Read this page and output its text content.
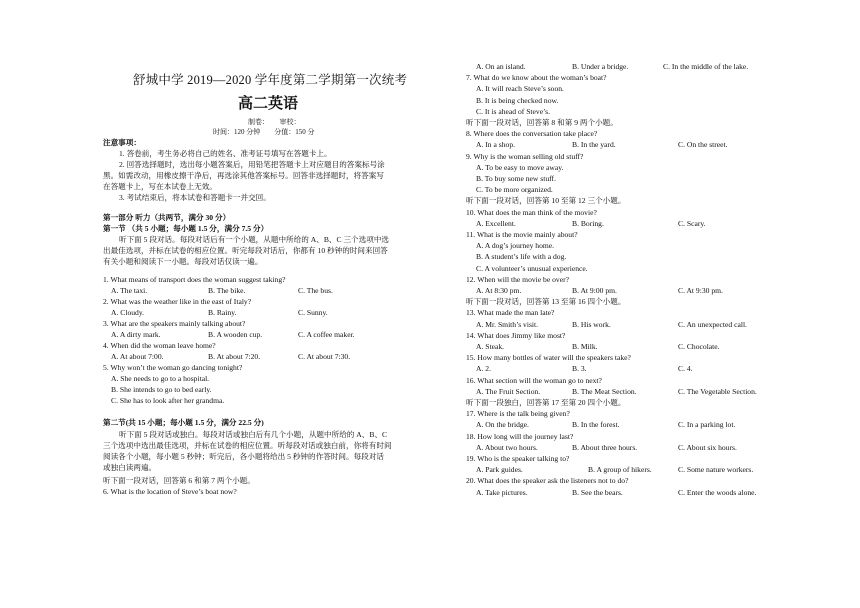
舒城中学 2019—2020 学年度第二学期第一次统考
高二英语
制卷：　　审校：
时间：120 分钟　　分值：150 分
注意事项：
1. 答卷前，考生务必将自己的姓名、准考证号填写在答题卡上。
2. 回答选择题时，选出每小题答案后，用铅笔把答题卡上对应题目的答案标号涂
黑。如需改动，用橡皮擦干净后，再选涂其他答案标号。回答非选择题时，将答案写
在答题卡上，写在本试卷上无效。
3. 考试结束后，将本试卷和答题卡一并交回。
第一部分 听力（共两节，满分 30 分）
第一节 （共 5 小题；每小题 1.5 分，满分 7.5 分）
听下面 5 段对话。每段对话后有一个小题，从题中所给的 A、B、C 三个选项中选
出最佳选项，并标在试卷的相应位置。听完每段对话后，你都有 10 秒钟的时间来回答
有关小题和阅读下一小题。每段对话仅读一遍。
1. What means of transport does the woman suggest taking?
A. The taxi.	B. The bike.	C. The bus.
2. What was the weather like in the east of Italy?
A. Cloudy.	B. Rainy.	C. Sunny.
3. What are the speakers mainly talking about?
A. A dirty mark.	B. A wooden cup.	C. A coffee maker.
4. When did the woman leave home?
A. At about 7:00.	B. At about 7:20.	C. At about 7:30.
5. Why won’t the woman go dancing tonight?
A. She needs to go to a hospital.
B. She intends to go to bed early.
C. She has to look after her grandma.
第二节(共 15 小题；每小题 1.5 分，满分 22.5 分)
听下面 5 段对话或独白。每段对话或独白后有几个小题，从题中所给的 A、B、C
三个选项中选出最佳选项，并标在试卷的相应位置。听每段对话或独白前，你将有时间
阅读各个小题，每小题 5 秒钟；听完后，各小题将给出 5 秒钟的作答时间。每段对话
或独白读两遍。
听下面一段对话，回答第 6 和第 7 两个小题。
6. What is the location of Steve’s boat now?
A. On an island.	B. Under a bridge.	C. In the middle of the lake.
7. What do we know about the woman’s boat?
A. It will reach Steve’s soon.
B. It is being checked now.
C. It is ahead of Steve’s.
听下面一段对话，回答第 8 和第 9 两个小题。
8. Where does the conversation take place?
A. In a shop.	B. In the yard.	C. On the street.
9. Why is the woman selling old stuff?
A. To be easy to move away.
B. To buy some new stuff.
C. To be more organized.
听下面一段对话，回答第 10 至第 12 三个小题。
10. What does the man think of the movie?
A. Excellent.	B. Boring.	C. Scary.
11. What is the movie mainly about?
A. A dog’s journey home.
B. A student’s life with a dog.
C. A volunteer’s unusual experience.
12. When will the movie be over?
A. At 8:30 pm.	B. At 9:00 pm.	C. At 9:30 pm.
听下面一段对话，回答第 13 至第 16 四个小题。
13. What made the man late?
A. Mr. Smith’s visit.	B. His work.	C. An unexpected call.
14. What does Jimmy like most?
A. Steak.	B. Milk.	C. Chocolate.
15. How many bottles of water will the speakers take?
A. 2.	B. 3.	C. 4.
16. What section will the woman go to next?
A. The Fruit Section.	B. The Meat Section.	C. The Vegetable Section.
听下面一段独白，回答第 17 至第 20 四个小题。
17. Where is the talk being given?
A. On the bridge.	B. In the forest.	C. In a parking lot.
18. How long will the journey last?
A. About two hours.	B. About three hours.	C. About six hours.
19. Who is the speaker talking to?
A. Park guides.	B. A group of hikers.	C. Some nature workers.
20. What does the speaker ask the listeners not to do?
A. Take pictures.	B. See the bears.	C. Enter the woods alone.
